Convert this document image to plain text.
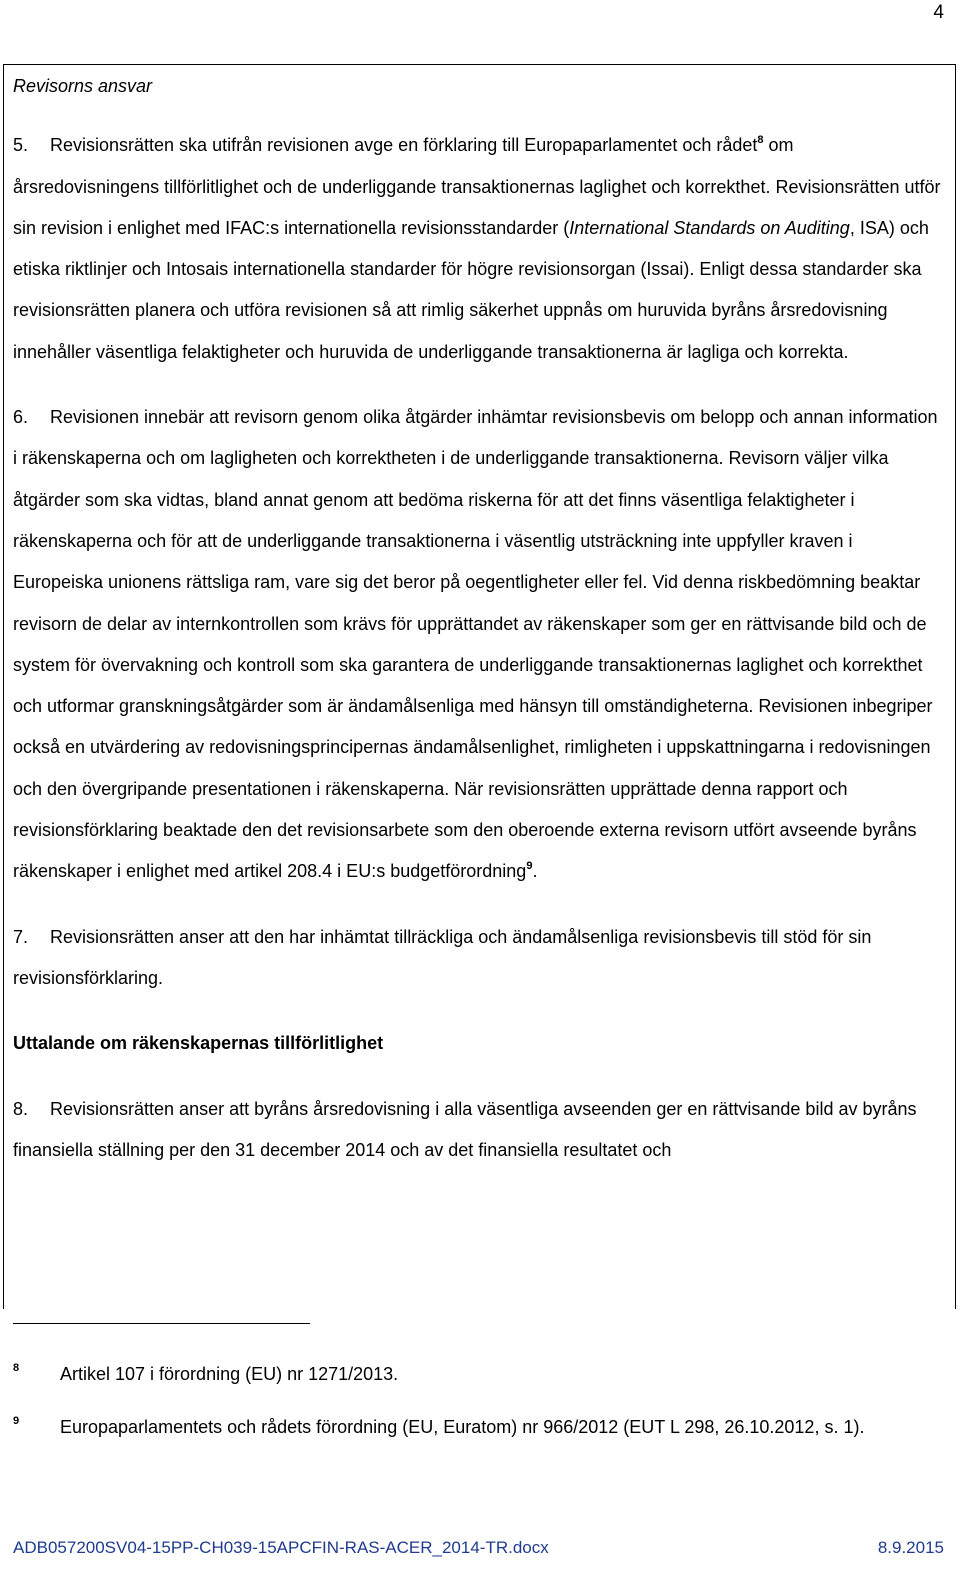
4

Revisorns ansvar

5. Revisionsrätten ska utifrån revisionen avge en förklaring till Europaparlamentet och rådet$^8$ om årsredovisningens tillförlitlighet och de underliggande transaktionernas laglighet och korrekthet. Revisionsrätten utför sin revision i enlighet med IFAC:s internationella revisionsstandarder (International Standards on Auditing, ISA) och etiska riktlinjer och Intosais internationella standarder för högre revisionsorgan (Issai). Enligt dessa standarder ska revisionsrätten planera och utföra revisionen så att rimlig säkerhet uppnås om huruvida byråns årsredovisning innehåller väsentliga felaktigheter och huruvida de underliggande transaktionerna är lagliga och korrekta.

6. Revisionen innebär att revisorn genom olika åtgärder inhämtar revisionsbevis om belopp och annan information i räkenskaperna och om lagligheten och korrektheten i de underliggande transaktionerna. Revisorn väljer vilka åtgärder som ska vidtas, bland annat genom att bedöma riskerna för att det finns väsentliga felaktigheter i räkenskaperna och för att de underliggande transaktionerna i väsentlig utsträckning inte uppfyller kraven i Europeiska unionens rättsliga ram, vare sig det beror på oegentligheter eller fel. Vid denna riskbedömning beaktar revisorn de delar av internkontrollen som krävs för upprättandet av räkenskaper som ger en rättvisande bild och de system för övervakning och kontroll som ska garantera de underliggande transaktionernas laglighet och korrekthet och utformar granskningsåtgärder som är ändamålsenliga med hänsyn till omständigheterna. Revisionen inbegriper också en utvärdering av redovisningsprincipernas ändamålsenlighet, rimligheten i uppskattningarna i redovisningen och den övergripande presentationen i räkenskaperna. När revisionsrätten upprättade denna rapport och revisionsförklaring beaktade den det revisionsarbete som den oberoende externa revisorn utfört avseende byråns räkenskaper i enlighet med artikel 208.4 i EU:s budgetförordning$^9$.

7. Revisionsrätten anser att den har inhämtat tillräckliga och ändamålsenliga revisionsbevis till stöd för sin revisionsförklaring.

Uttalande om räkenskapernas tillförlitlighet

8. Revisionsrätten anser att byråns årsredovisning i alla väsentliga avseenden ger en rättvisande bild av byråns finansiella ställning per den 31 december 2014 och av det finansiella resultatet och

8 Artikel 107 i förordning (EU) nr 1271/2013.
9 Europaparlamentets och rådets förordning (EU, Euratom) nr 966/2012 (EUT L 298, 26.10.2012, s. 1).
ADB057200SV04-15PP-CH039-15APCFIN-RAS-ACER_2014-TR.docx	8.9.2015
